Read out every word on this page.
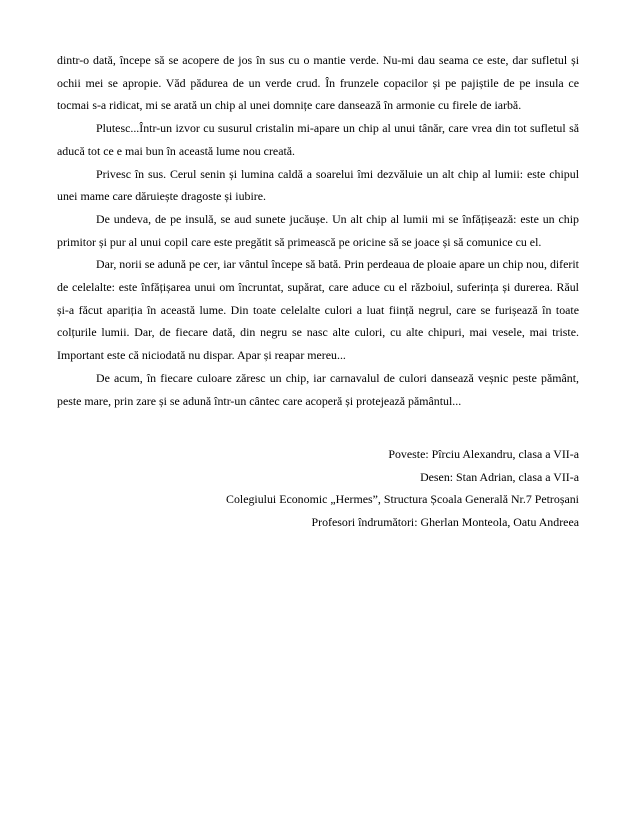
dintr-o dată, începe să se acopere de jos în sus cu o mantie verde. Nu-mi dau seama ce este, dar sufletul și ochii mei se apropie. Văd pădurea de un verde crud. În frunzele copacilor și pe pajiștile de pe insula ce tocmai s-a ridicat, mi se arată un chip al unei domnițe care dansează în armonie cu firele de iarbă.

Plutesc...Într-un izvor cu susurul cristalin mi-apare un chip al unui tânăr, care vrea din tot sufletul să aducă tot ce e mai bun în această lume nou creată.

Privesc în sus. Cerul senin și lumina caldă a soarelui îmi dezvăluie un alt chip al lumii: este chipul unei mame care dăruiește dragoste și iubire.

De undeva, de pe insulă, se aud sunete jucăușe. Un alt chip al lumii mi se înfățișează: este un chip primitor și pur al unui copil care este pregătit să primească pe oricine să se joace și să comunice cu el.

Dar, norii se adună pe cer, iar vântul începe să bată. Prin perdeaua de ploaie apare un chip nou, diferit de celelalte: este înfățișarea unui om încruntat, supărat, care aduce cu el războiul, suferința și durerea. Răul și-a făcut apariția în această lume. Din toate celelalte culori a luat ființă negrul, care se furișează în toate colțurile lumii. Dar, de fiecare dată, din negru se nasc alte culori, cu alte chipuri, mai vesele, mai triste. Important este că niciodată nu dispar. Apar și reapar mereu...

De acum, în fiecare culoare zăresc un chip, iar carnavalul de culori dansează veșnic peste pământ, peste mare, prin zare și se adună într-un cântec care acoperă și protejează pământul...

Poveste: Pîrciu Alexandru, clasa a VII-a
Desen: Stan Adrian, clasa a VII-a
Colegiului Economic „Hermes”, Structura Școala Generală Nr.7 Petroșani
Profesori îndrumători: Gherlan Monteola, Oatu Andreea
